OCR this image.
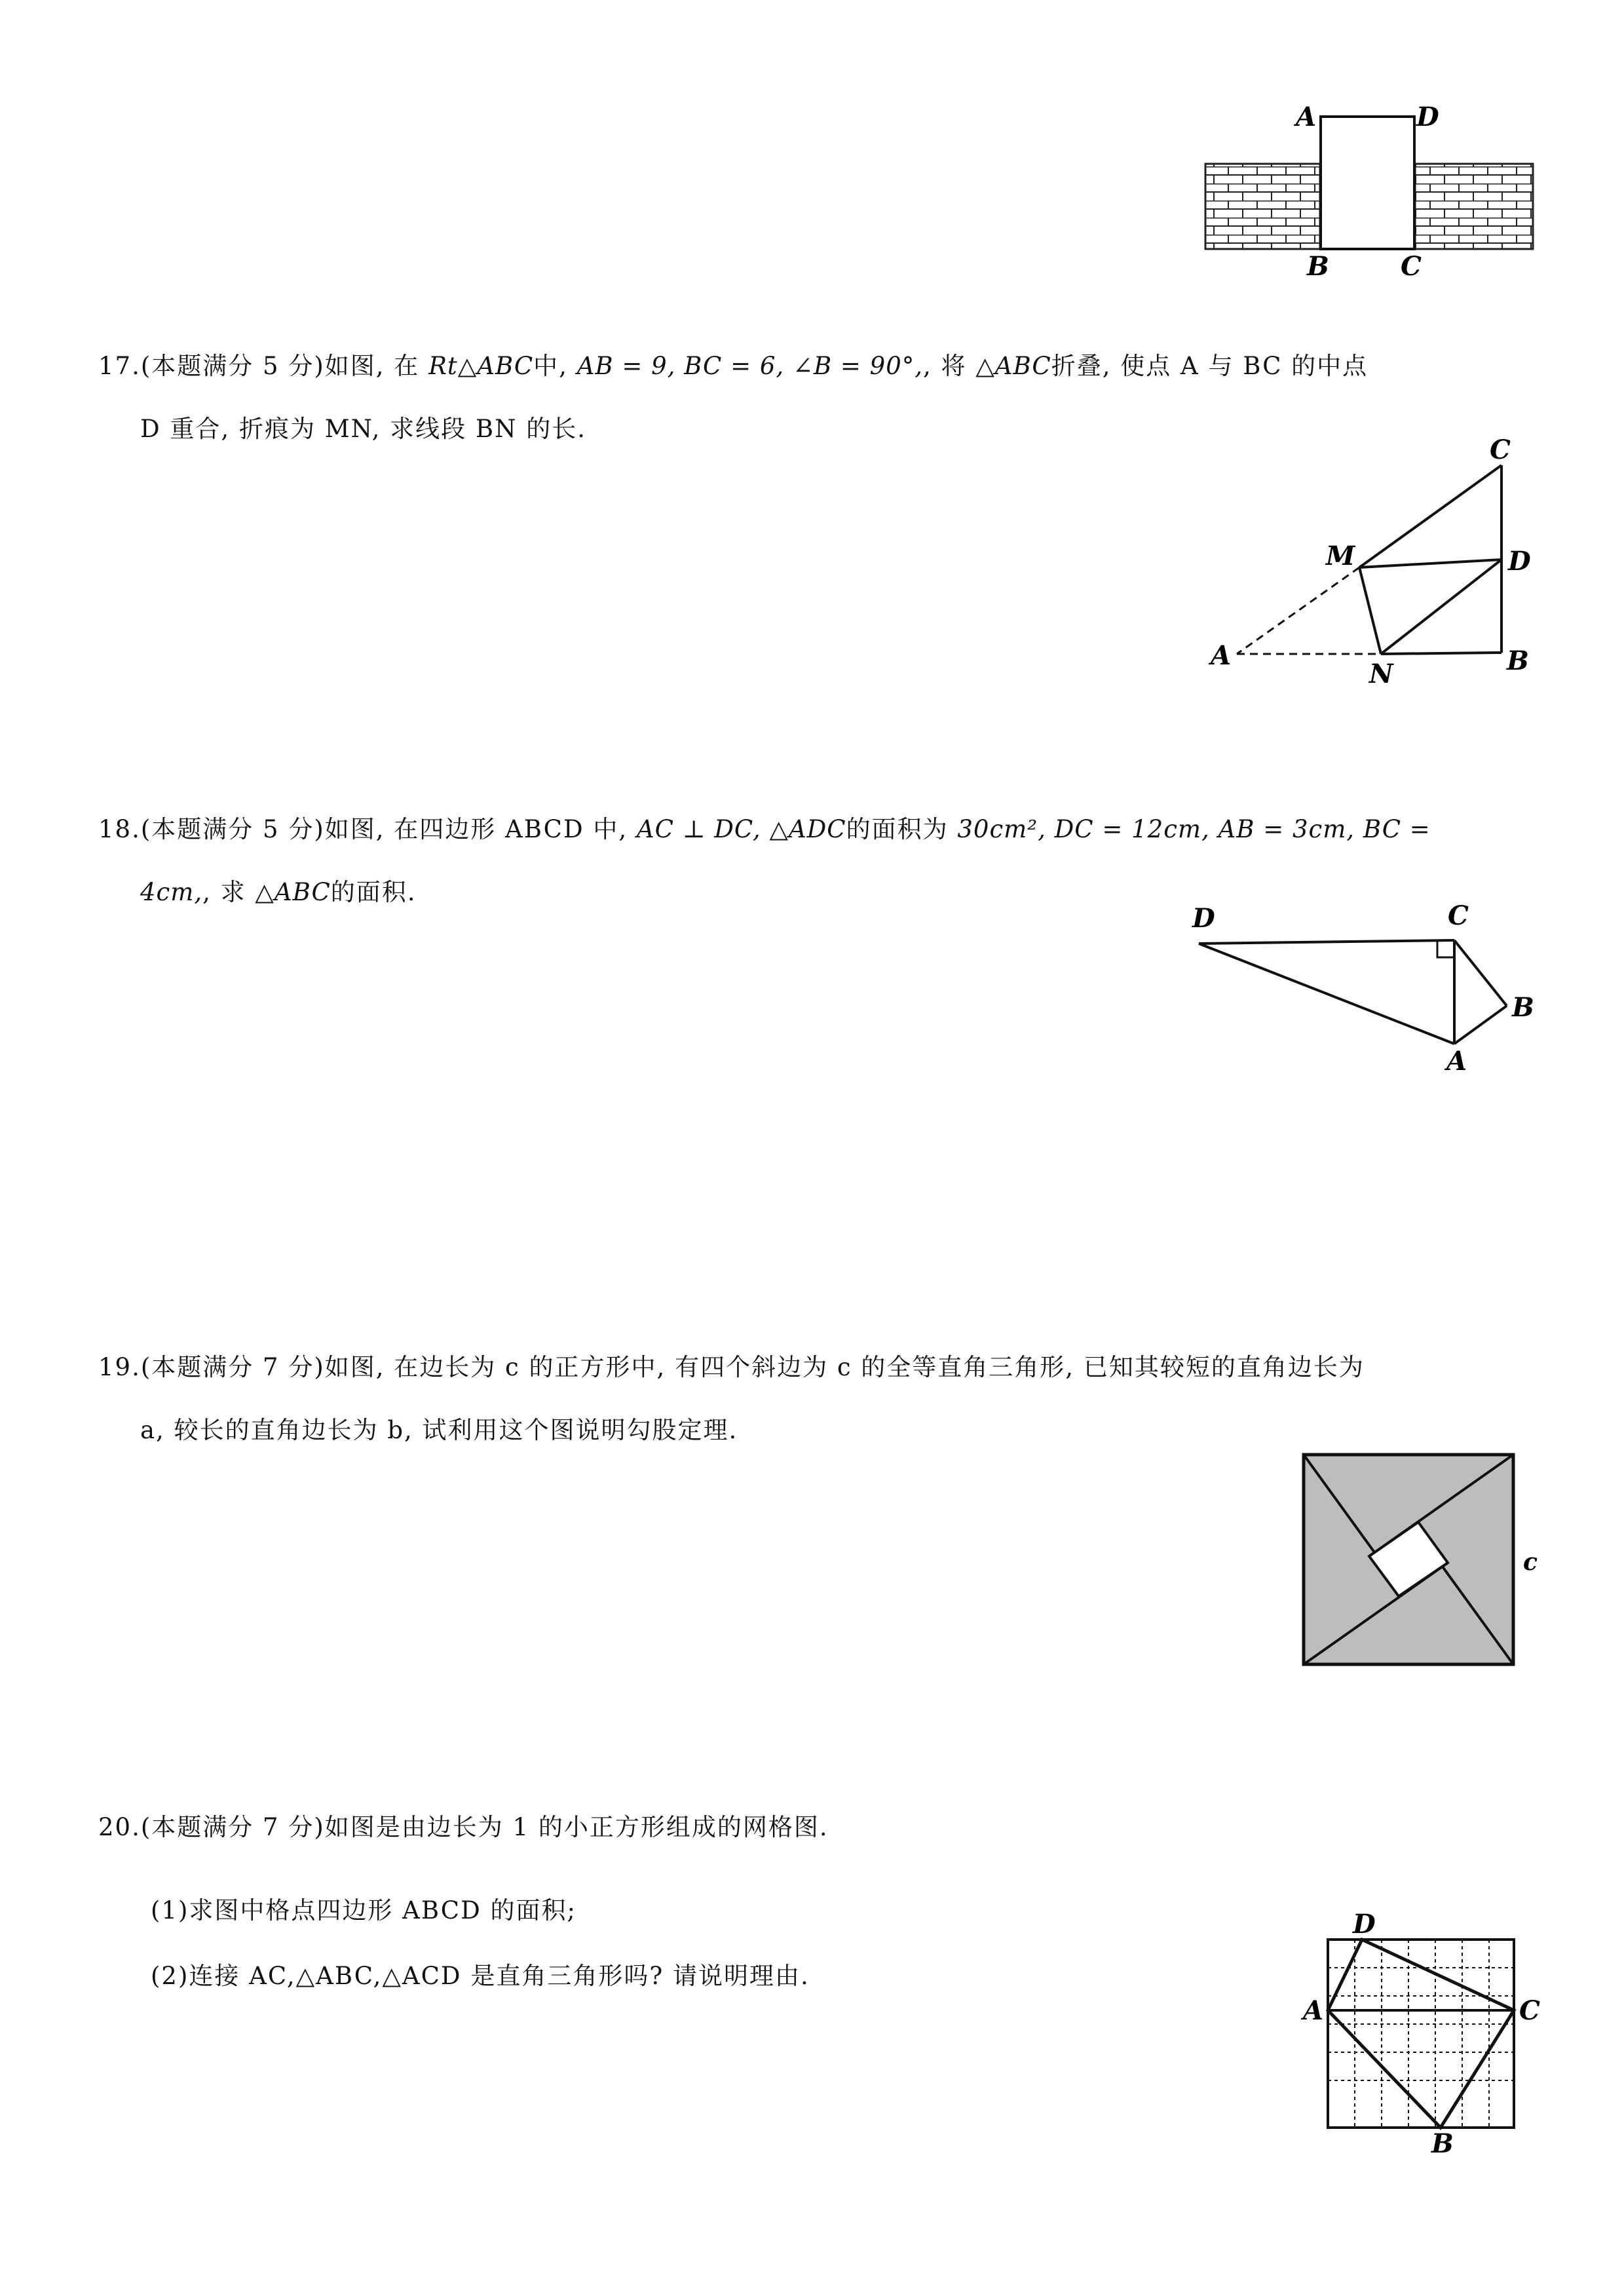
A	D
B	C
17.(本题满分 5 分)如图, 在 Rt△ABC中, AB = 9, BC = 6, ∠B = 90°,, 将 △ABC折叠, 使点 A 与 BC 的中点
D 重合, 折痕为 MN, 求线段 BN 的长.
C
M	D
A
N	B
18.(本题满分 5 分)如图, 在四边形 ABCD 中, AC ⊥ DC, △ADC的面积为 30cm², DC = 12cm, AB = 3cm, BC =
4cm,, 求 △ABC的面积.
D	C
B
A
19.(本题满分 7 分)如图, 在边长为 c 的正方形中, 有四个斜边为 c 的全等直角三角形, 已知其较短的直角边长为
a, 较长的直角边长为 b, 试利用这个图说明勾股定理.
c
20.(本题满分 7 分)如图是由边长为 1 的小正方形组成的网格图.
(1)求图中格点四边形 ABCD 的面积;
(2)连接 AC,△ABC,△ACD 是直角三角形吗? 请说明理由.
D
A	C
B
